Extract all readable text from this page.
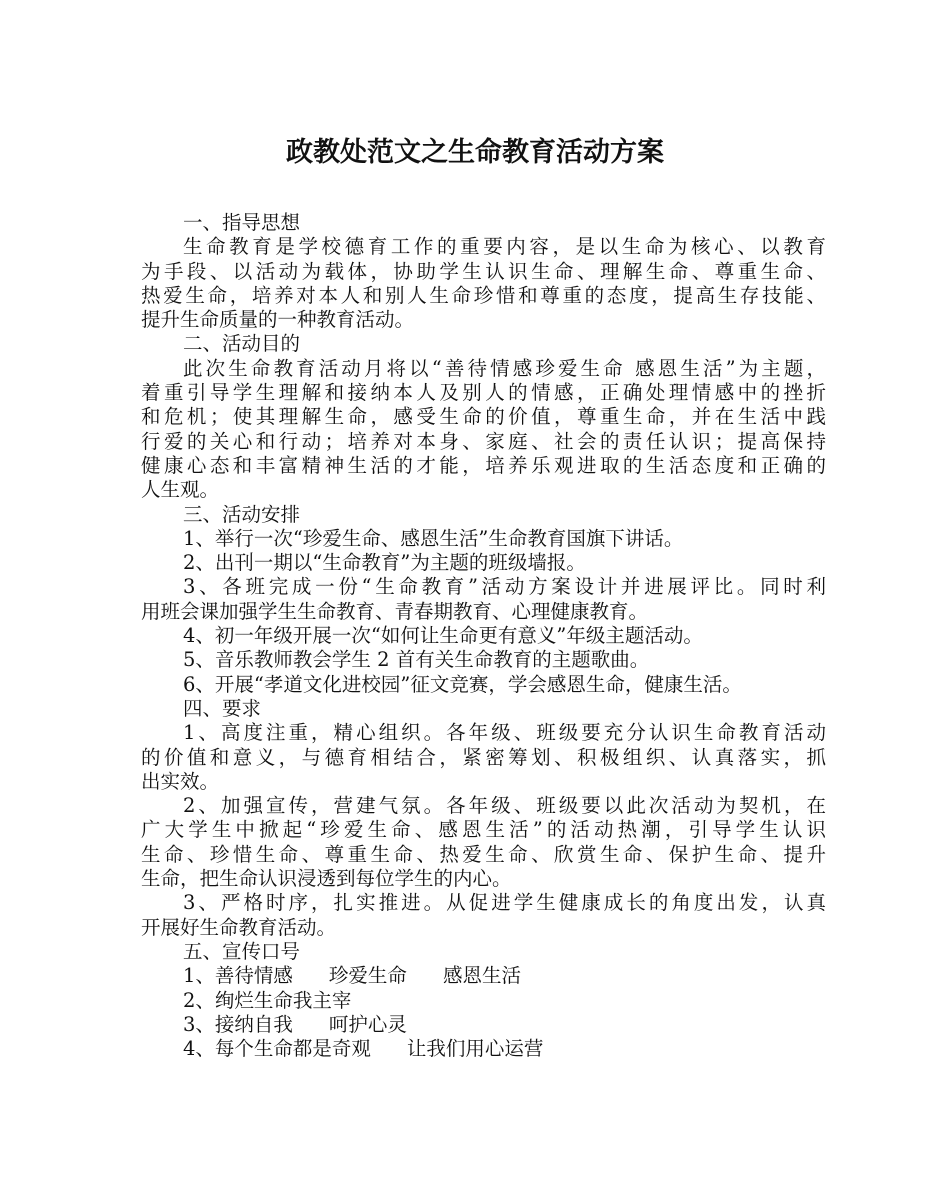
政教处范文之生命教育活动方案
一、指导思想
生命教育是学校德育工作的重要内容，是以生命为核心、以教育
为手段、以活动为载体，协助学生认识生命、理解生命、尊重生命、
热爱生命，培养对本人和别人生命珍惜和尊重的态度，提高生存技能、
提升生命质量的一种教育活动。
二、活动目的
此次生命教育活动月将以“善待情感珍爱生命 感恩生活”为主题，
着重引导学生理解和接纳本人及别人的情感，正确处理情感中的挫折
和危机；使其理解生命，感受生命的价值，尊重生命，并在生活中践
行爱的关心和行动；培养对本身、家庭、社会的责任认识；提高保持
健康心态和丰富精神生活的才能，培养乐观进取的生活态度和正确的
人生观。
三、活动安排
1、举行一次“珍爱生命、感恩生活”生命教育国旗下讲话。
2、出刊一期以“生命教育”为主题的班级墙报。
3、各班完成一份“生命教育”活动方案设计并进展评比。同时利
用班会课加强学生生命教育、青春期教育、心理健康教育。
4、初一年级开展一次“如何让生命更有意义”年级主题活动。
5、音乐教师教会学生 2 首有关生命教育的主题歌曲。
6、开展“孝道文化进校园”征文竞赛，学会感恩生命，健康生活。
四、要求
1、高度注重，精心组织。各年级、班级要充分认识生命教育活动
的价值和意义，与德育相结合，紧密筹划、积极组织、认真落实，抓
出实效。
2、加强宣传，营建气氛。各年级、班级要以此次活动为契机，在
广大学生中掀起“珍爱生命、感恩生活”的活动热潮，引导学生认识
生命、珍惜生命、尊重生命、热爱生命、欣赏生命、保护生命、提升
生命，把生命认识浸透到每位学生的内心。
3、严格时序，扎实推进。从促进学生健康成长的角度出发，认真
开展好生命教育活动。
五、宣传口号
1、善待情感 珍爱生命 感恩生活
2、绚烂生命我主宰
3、接纳自我 呵护心灵
4、每个生命都是奇观 让我们用心运营
